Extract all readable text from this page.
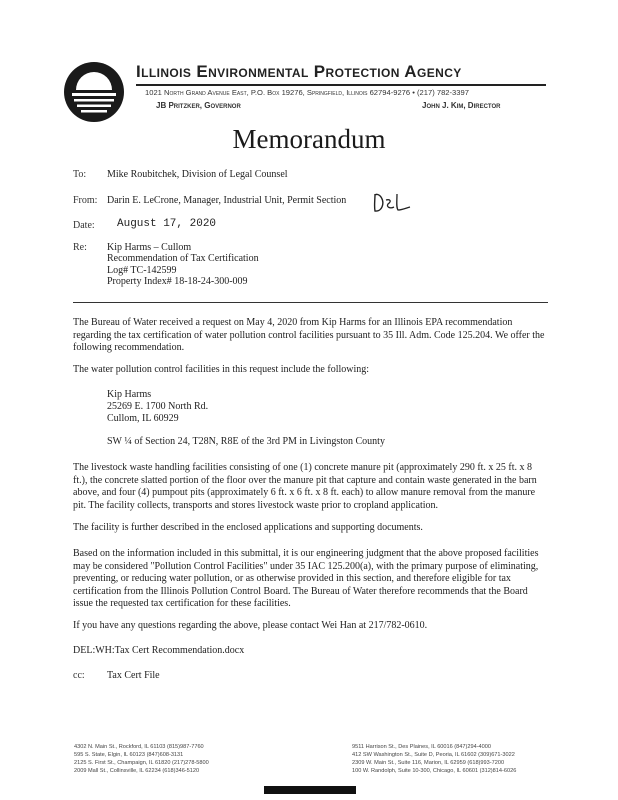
Illinois Environmental Protection Agency
1021 North Grand Avenue East, P.O. Box 19276, Springfield, Illinois 62794-9276 • (217) 782-3397
JB Pritzker, Governor	John J. Kim, Director
Memorandum
To: Mike Roubitchek, Division of Legal Counsel
From: Darin E. LeCrone, Manager, Industrial Unit, Permit Section
Date: August 17, 2020
Re: Kip Harms – Cullom
Recommendation of Tax Certification
Log# TC-142599
Property Index# 18-18-24-300-009

The Bureau of Water received a request on May 4, 2020 from Kip Harms for an Illinois EPA recommendation regarding the tax certification of water pollution control facilities pursuant to 35 Ill. Adm. Code 125.204. We offer the following recommendation.

The water pollution control facilities in this request include the following:

Kip Harms
25269 E. 1700 North Rd.
Cullom, IL 60929
SW ¼ of Section 24, T28N, R8E of the 3rd PM in Livingston County

The livestock waste handling facilities consisting of one (1) concrete manure pit (approximately 290 ft. x 25 ft. x 8 ft.), the concrete slatted portion of the floor over the manure pit that capture and contain waste generated in the barn above, and four (4) pumpout pits (approximately 6 ft. x 6 ft. x 8 ft. each) to allow manure removal from the manure pit. The facility collects, transports and stores livestock waste prior to cropland application.

The facility is further described in the enclosed applications and supporting documents.

Based on the information included in this submittal, it is our engineering judgment that the above proposed facilities may be considered "Pollution Control Facilities" under 35 IAC 125.200(a), with the primary purpose of eliminating, preventing, or reducing water pollution, or as otherwise provided in this section, and therefore eligible for tax certification from the Illinois Pollution Control Board. The Bureau of Water therefore recommends that the Board issue the requested tax certification for these facilities.

If you have any questions regarding the above, please contact Wei Han at 217/782-0610.

DEL:WH:Tax Cert Recommendation.docx
cc: Tax Cert File
4302 N. Main St., Rockford, IL 61103 (815)987-7760
595 S. State, Elgin, IL 60123 (847)608-3131
2125 S. First St., Champaign, IL 61820 (217)278-5800
2009 Mall St., Collinsville, IL 62234 (618)346-5120
9511 Harrison St., Des Plaines, IL 60016 (847)294-4000
412 SW Washington St., Suite D, Peoria, IL 61602 (309)671-3022
2309 W. Main St., Suite 116, Marion, IL 62959 (618)993-7200
100 W. Randolph, Suite 10-300, Chicago, IL 60601 (312)814-6026
